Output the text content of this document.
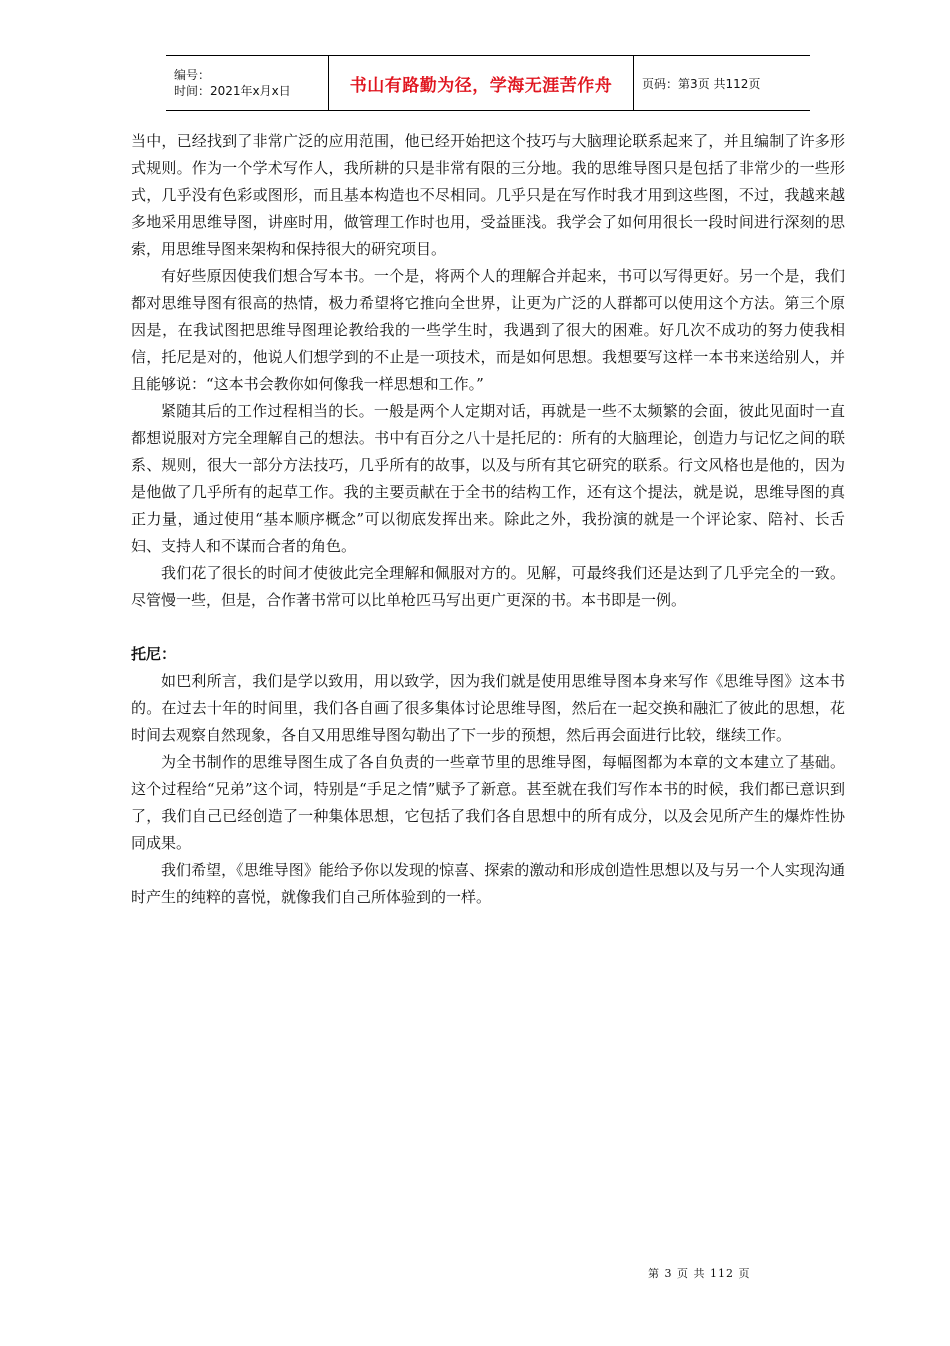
编号：
时间：2021年x月x日	书山有路勤为径，学海无涯苦作舟 页码：第3页 共112页

当中，已经找到了非常广泛的应用范围，他已经开始把这个技巧与大脑理论联系起来了，并且编制了许多形式规则。作为一个学术写作人，我所耕的只是非常有限的三分地。我的思维导图只是包括了非常少的一些形式，几乎没有色彩或图形，而且基本构造也不尽相同。几乎只是在写作时我才用到这些图，不过，我越来越多地采用思维导图，讲座时用，做管理工作时也用，受益匪浅。我学会了如何用很长一段时间进行深刻的思索，用思维导图来架构和保持很大的研究项目。

有好些原因使我们想合写本书。一个是，将两个人的理解合并起来，书可以写得更好。另一个是，我们都对思维导图有很高的热情，极力希望将它推向全世界，让更为广泛的人群都可以使用这个方法。第三个原因是，在我试图把思维导图理论教给我的一些学生时，我遇到了很大的困难。好几次不成功的努力使我相信，托尼是对的，他说人们想学到的不止是一项技术，而是如何思想。我想要写这样一本书来送给别人，并且能够说：“这本书会教你如何像我一样思想和工作。”

紧随其后的工作过程相当的长。一般是两个人定期对话，再就是一些不太频繁的会面，彼此见面时一直都想说服对方完全理解自己的想法。书中有百分之八十是托尼的：所有的大脑理论，创造力与记忆之间的联系、规则，很大一部分方法技巧，几乎所有的故事，以及与所有其它研究的联系。行文风格也是他的，因为是他做了几乎所有的起草工作。我的主要贡献在于全书的结构工作，还有这个提法，就是说，思维导图的真正力量，通过使用“基本顺序概念”可以彻底发挥出来。除此之外，我扮演的就是一个评论家、陪衬、长舌妇、支持人和不谋而合者的角色。

我们花了很长的时间才使彼此完全理解和佩服对方的。见解，可最终我们还是达到了几乎完全的一致。尽管慢一些，但是，合作著书常可以比单枪匹马写出更广更深的书。本书即是一例。

托尼：

如巴利所言，我们是学以致用，用以致学，因为我们就是使用思维导图本身来写作《思维导图》这本书的。在过去十年的时间里，我们各自画了很多集体讨论思维导图，然后在一起交换和融汇了彼此的思想，花时间去观察自然现象，各自又用思维导图勾勒出了下一步的预想，然后再会面进行比较，继续工作。

为全书制作的思维导图生成了各自负责的一些章节里的思维导图，每幅图都为本章的文本建立了基础。这个过程给“兄弟”这个词，特别是“手足之情”赋予了新意。甚至就在我们写作本书的时候，我们都已意识到了，我们自己已经创造了一种集体思想，它包括了我们各自思想中的所有成分，以及会见所产生的爆炸性协同成果。

我们希望，《思维导图》能给予你以发现的惊喜、探索的激动和形成创造性思想以及与另一个人实现沟通时产生的纯粹的喜悦，就像我们自己所体验到的一样。

第 3 页 共 112 页
